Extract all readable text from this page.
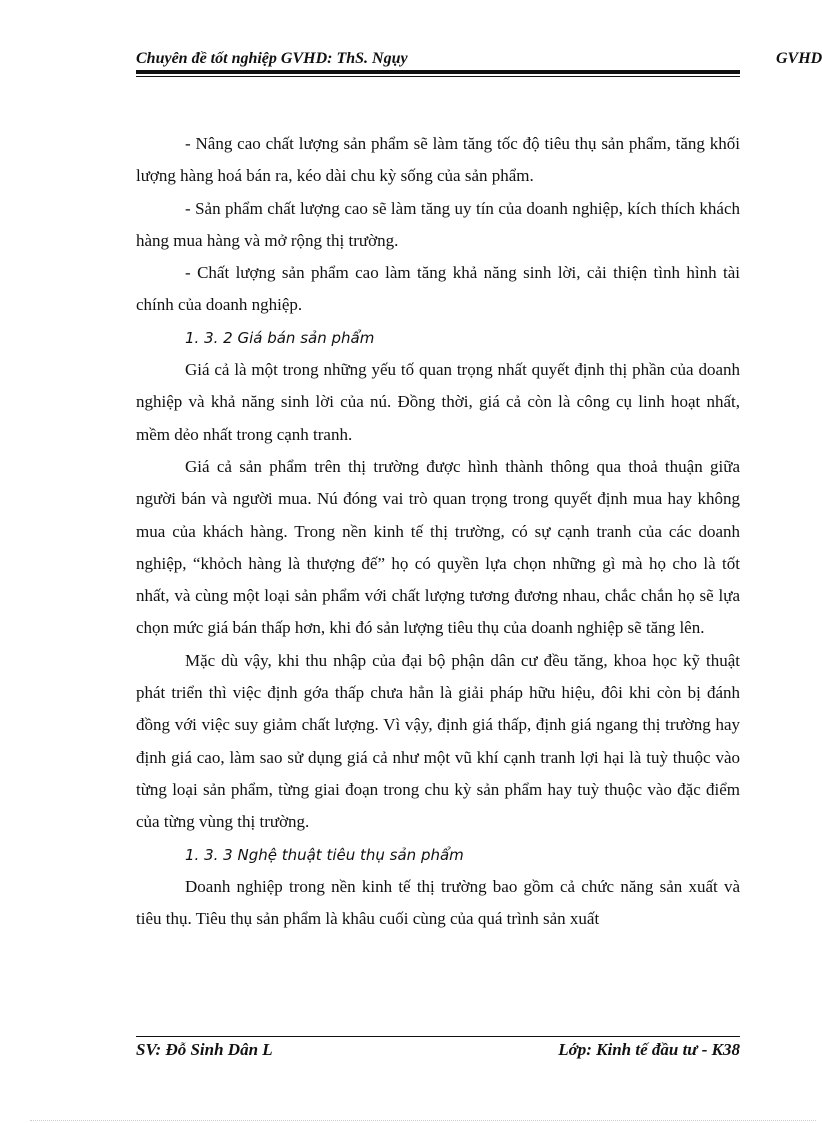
Chuyên đề tốt nghiệp GVHD: ThS. Ngụy	GVHD

- Nâng cao chất lượng sản phẩm sẽ làm tăng tốc độ tiêu thụ sản phẩm, tăng khối lượng hàng hoá bán ra, kéo dài chu kỳ sống của sản phẩm.

- Sản phẩm chất lượng cao sẽ làm tăng uy tín của doanh nghiệp, kích thích khách hàng mua hàng và mở rộng thị trường.

- Chất lượng sản phẩm cao làm tăng khả năng sinh lời, cải thiện tình hình tài chính của doanh nghiệp.

1. 3. 2 Giá bán sản phẩm

Giá cả là một trong những yếu tố quan trọng nhất quyết định thị phần của doanh nghiệp và khả năng sinh lời của nú. Đồng thời, giá cả còn là công cụ linh hoạt nhất, mềm dẻo nhất trong cạnh tranh.

Giá cả sản phẩm trên thị trường được hình thành thông qua thoả thuận giữa người bán và người mua. Nú đóng vai trò quan trọng trong quyết định mua hay không mua của khách hàng. Trong nền kinh tế thị trường, có sự cạnh tranh của các doanh nghiệp, “khỏch hàng là thượng đế” họ có quyền lựa chọn những gì mà họ cho là tốt nhất, và cùng một loại sản phẩm với chất lượng tương đương nhau, chắc chắn họ sẽ lựa chọn mức giá bán thấp hơn, khi đó sản lượng tiêu thụ của doanh nghiệp sẽ tăng lên.

Mặc dù vậy, khi thu nhập của đại bộ phận dân cư đều tăng, khoa học kỹ thuật phát triển thì việc định gớa thấp chưa hẳn là giải pháp hữu hiệu, đôi khi còn bị đánh đồng với việc suy giảm chất lượng. Vì vậy, định giá thấp, định giá ngang thị trường hay định giá cao, làm sao sử dụng giá cả như một vũ khí cạnh tranh lợi hại là tuỳ thuộc vào từng loại sản phẩm, từng giai đoạn trong chu kỳ sản phẩm hay tuỳ thuộc vào đặc điểm của từng vùng thị trường.

1. 3. 3 Nghệ thuật tiêu thụ sản phẩm

Doanh nghiệp trong nền kinh tế thị trường bao gồm cả chức năng sản xuất và tiêu thụ. Tiêu thụ sản phẩm là khâu cuối cùng của quá trình sản xuất

SV: Đỗ Sinh Dân L	Lớp: Kinh tế đầu tư - K38
